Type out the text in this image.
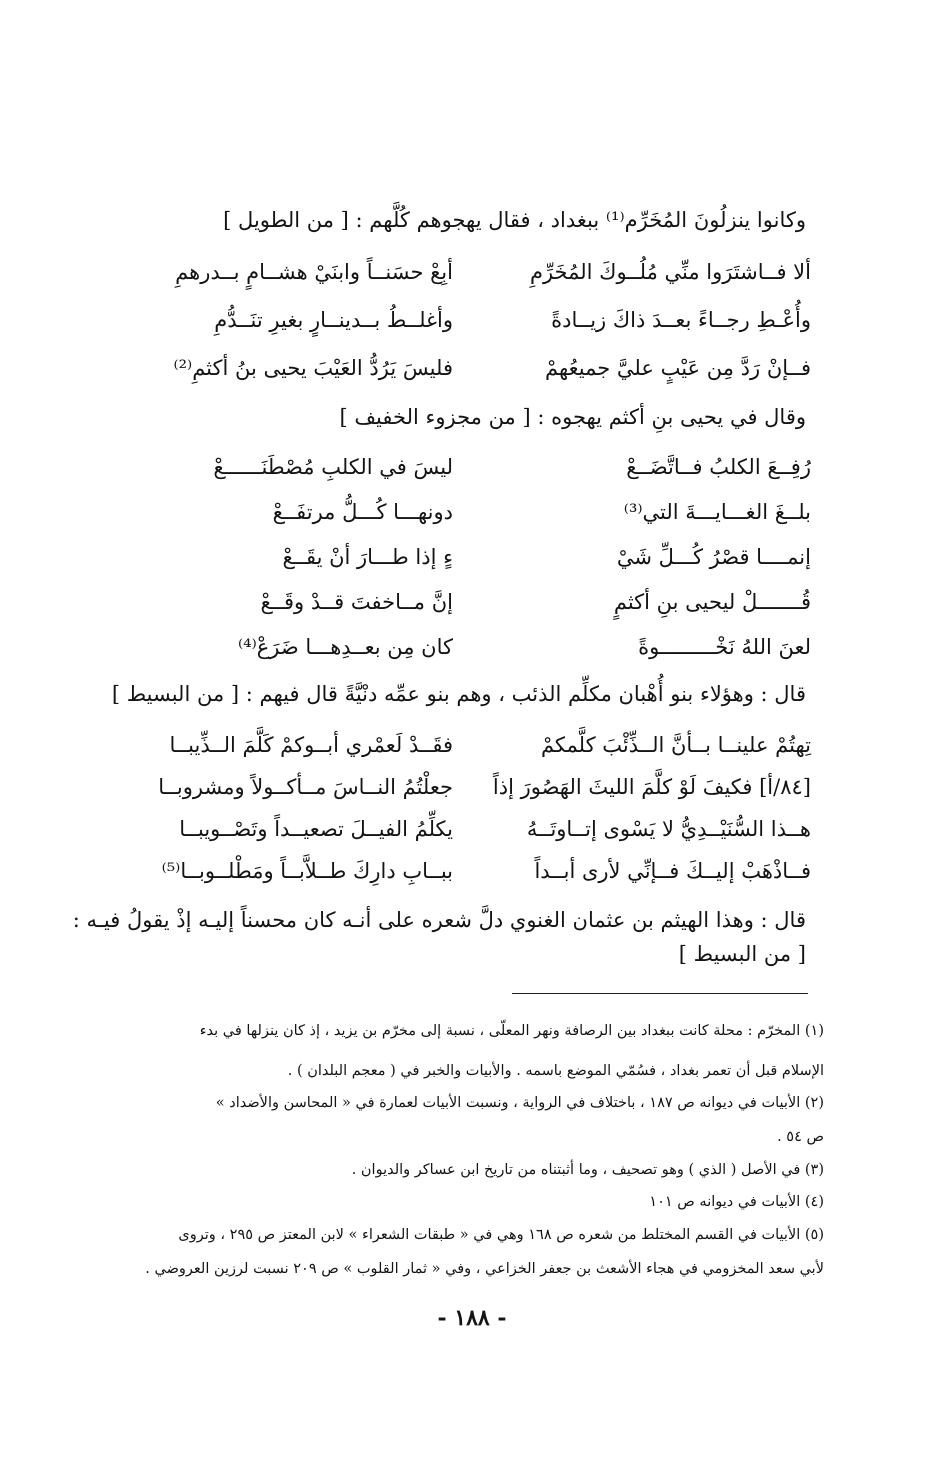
وكانوا ينزلُونَ المُخَرِّم⁽¹⁾ ببغداد ، فقال يهجوهم كُلَّهم : [ من الطويل ]
ألا فــاشتَرَوا منِّي مُلُــوكَ المُخَرِّمِ
أبِعْ حسَنــاً وابنَيْ هشــامٍ بــدرهمِ
وأُعْـطِ رجــاءً بعــدَ ذاكَ زيــادةً
وأغلــطُ بــدينــارٍ بغيرِ تنَــدُّمِ
فــإنْ رَدَّ مِن عَيْبٍ عليَّ جميعُهمْ
فليسَ يَرُدُّ العَيْبَ يحيى بنُ أكثمِ⁽²⁾
وقال في يحيى بنِ أكثم يهجوه : [ من مجزوء الخفيف ]
رُفِــعَ الكلبُ فــاتَّضَــعْ
ليسَ في الكلبِ مُصْطَنَــــــعْ
بلــغَ الغـــايـــةَ التي⁽³⁾
دونهـــا كُـــلُّ مرتفَــعْ
إنمــــا قصْرُ كُـــلِّ شَيْ
ءٍ إذا طـــارَ أنْ يقَــعْ
قُـــــــلْ ليحيى بنِ أكثمٍ
إنَّ مــاخفتَ قــدْ وقَــعْ
لعنَ اللهُ نَخْـــــــــوةً
كان مِن بعــدِهـــا ضَرَعْ⁽⁴⁾
قال : وهؤلاء بنو أُهْبان مكلِّم الذئب ، وهم بنو عمِّه دنْيَّةً قال فيهم : [ من البسيط ]
تِهتُمْ علينــا بــأنَّ الــذِّئْبَ كلَّمكمْ
فقَــدْ لَعمْري أبــوكمْ كَلَّمَ الــذِّيبــا
[٨٤/أ] فكيفَ لَوْ كلَّمَ الليثَ الهَصُورَ إذاً
جعلْتُمُ النــاسَ مــأكــولاً ومشروبــا
هــذا السُّنَيْــدِيُّ لا يَسْوى إتــاوتَــهُ
يكلِّمُ الفيــلَ تصعيــداً وتَصْــويبــا
فــاذْهَبْ إليــكَ فــإنِّي لأرى أبــداً
ببــابِ دارِكَ طــلاَّبــاً ومَطْلــوبــا⁽⁵⁾
قال : وهذا الهيثم بن عثمان الغنوي دلَّ شعره على أنـه كان محسناً إليـه إذْ يقولُ فيـه :
[ من البسيط ]
(١) المخرّم : محلة كانت ببغداد بين الرصافة ونهر المعلّى ، نسبة إلى مخرّم بن يزيد ، إذ كان ينزلها في بدء
الإسلام قبل أن تعمر بغداد ، فسُمّي الموضع باسمه . والأبيات والخبر في ( معجم البلدان ) .
(٢) الأبيات في ديوانه ص ١٨٧ ، باختلاف في الرواية ، ونسبت الأبيات لعمارة في « المحاسن والأضداد »
ص ٥٤ .
(٣) في الأصل ( الذي ) وهو تصحيف ، وما أثبتناه من تاريخ ابن عساكر والديوان .
(٤) الأبيات في ديوانه ص ١٠١
(٥) الأبيات في القسم المختلط من شعره ص ١٦٨ وهي في « طبقات الشعراء » لابن المعتز ص ٢٩٥ ، وتروى
لأبي سعد المخزومي في هجاء الأشعث بن جعفر الخزاعي ، وفي « ثمار القلوب » ص ٢٠٩ نسبت لرزين العروضي .
- ١٨٨ -
